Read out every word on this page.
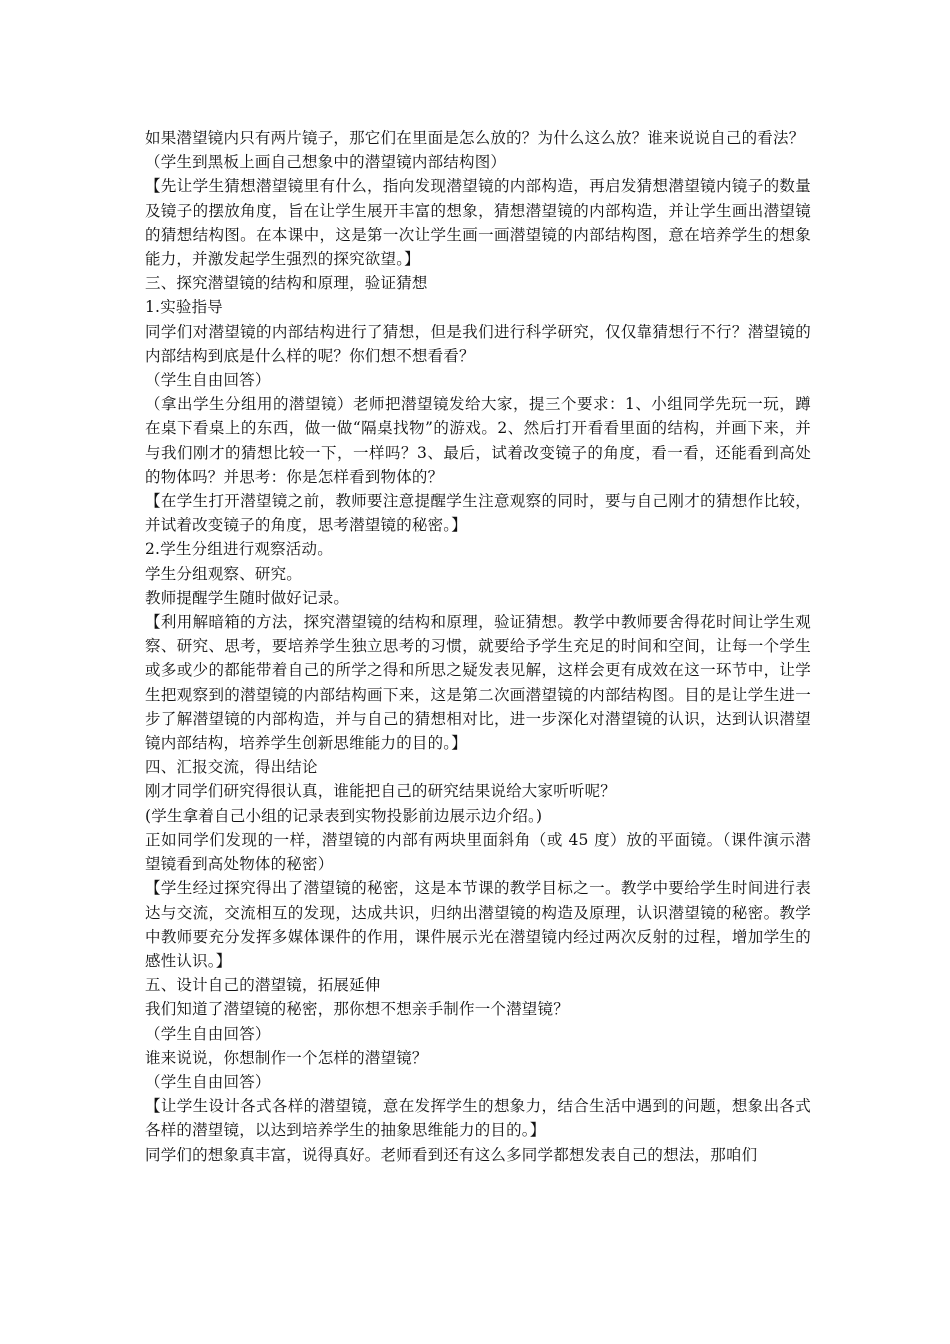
如果潜望镜内只有两片镜子，那它们在里面是怎么放的？为什么这么放？谁来说说自己的看法？

（学生到黑板上画自己想象中的潜望镜内部结构图）

【先让学生猜想潜望镜里有什么，指向发现潜望镜的内部构造，再启发猜想潜望镜内镜子的数量及镜子的摆放角度，旨在让学生展开丰富的想象，猜想潜望镜的内部构造，并让学生画出潜望镜的猜想结构图。在本课中，这是第一次让学生画一画潜望镜的内部结构图，意在培养学生的想象能力，并激发起学生强烈的探究欲望。】

三、探究潜望镜的结构和原理，验证猜想

1.实验指导

同学们对潜望镜的内部结构进行了猜想，但是我们进行科学研究，仅仅靠猜想行不行？潜望镜的内部结构到底是什么样的呢？你们想不想看看？

（学生自由回答）

（拿出学生分组用的潜望镜）老师把潜望镜发给大家，提三个要求：1、小组同学先玩一玩，蹲在桌下看桌上的东西，做一做“隔桌找物”的游戏。2、然后打开看看里面的结构，并画下来，并与我们刚才的猜想比较一下，一样吗？3、最后，试着改变镜子的角度，看一看，还能看到高处的物体吗？并思考：你是怎样看到物体的？

【在学生打开潜望镜之前，教师要注意提醒学生注意观察的同时，要与自己刚才的猜想作比较，并试着改变镜子的角度，思考潜望镜的秘密。】

2.学生分组进行观察活动。

学生分组观察、研究。

教师提醒学生随时做好记录。

【利用解暗箱的方法，探究潜望镜的结构和原理，验证猜想。教学中教师要舍得花时间让学生观察、研究、思考，要培养学生独立思考的习惯，就要给予学生充足的时间和空间，让每一个学生或多或少的都能带着自己的所学之得和所思之疑发表见解，这样会更有成效在这一环节中，让学生把观察到的潜望镜的内部结构画下来，这是第二次画潜望镜的内部结构图。目的是让学生进一步了解潜望镜的内部构造，并与自己的猜想相对比，进一步深化对潜望镜的认识，达到认识潜望镜内部结构，培养学生创新思维能力的目的。】

四、汇报交流，得出结论

刚才同学们研究得很认真，谁能把自己的研究结果说给大家听听呢？

(学生拿着自己小组的记录表到实物投影前边展示边介绍。)

正如同学们发现的一样，潜望镜的内部有两块里面斜角（或 45 度）放的平面镜。（课件演示潜望镜看到高处物体的秘密）

【学生经过探究得出了潜望镜的秘密，这是本节课的教学目标之一。教学中要给学生时间进行表达与交流，交流相互的发现，达成共识，归纳出潜望镜的构造及原理，认识潜望镜的秘密。教学中教师要充分发挥多媒体课件的作用，课件展示光在潜望镜内经过两次反射的过程，增加学生的感性认识。】

五、设计自己的潜望镜，拓展延伸

我们知道了潜望镜的秘密，那你想不想亲手制作一个潜望镜？

（学生自由回答）

谁来说说，你想制作一个怎样的潜望镜？

（学生自由回答）

【让学生设计各式各样的潜望镜，意在发挥学生的想象力，结合生活中遇到的问题，想象出各式各样的潜望镜，以达到培养学生的抽象思维能力的目的。】

同学们的想象真丰富，说得真好。老师看到还有这么多同学都想发表自己的想法，那咱们
